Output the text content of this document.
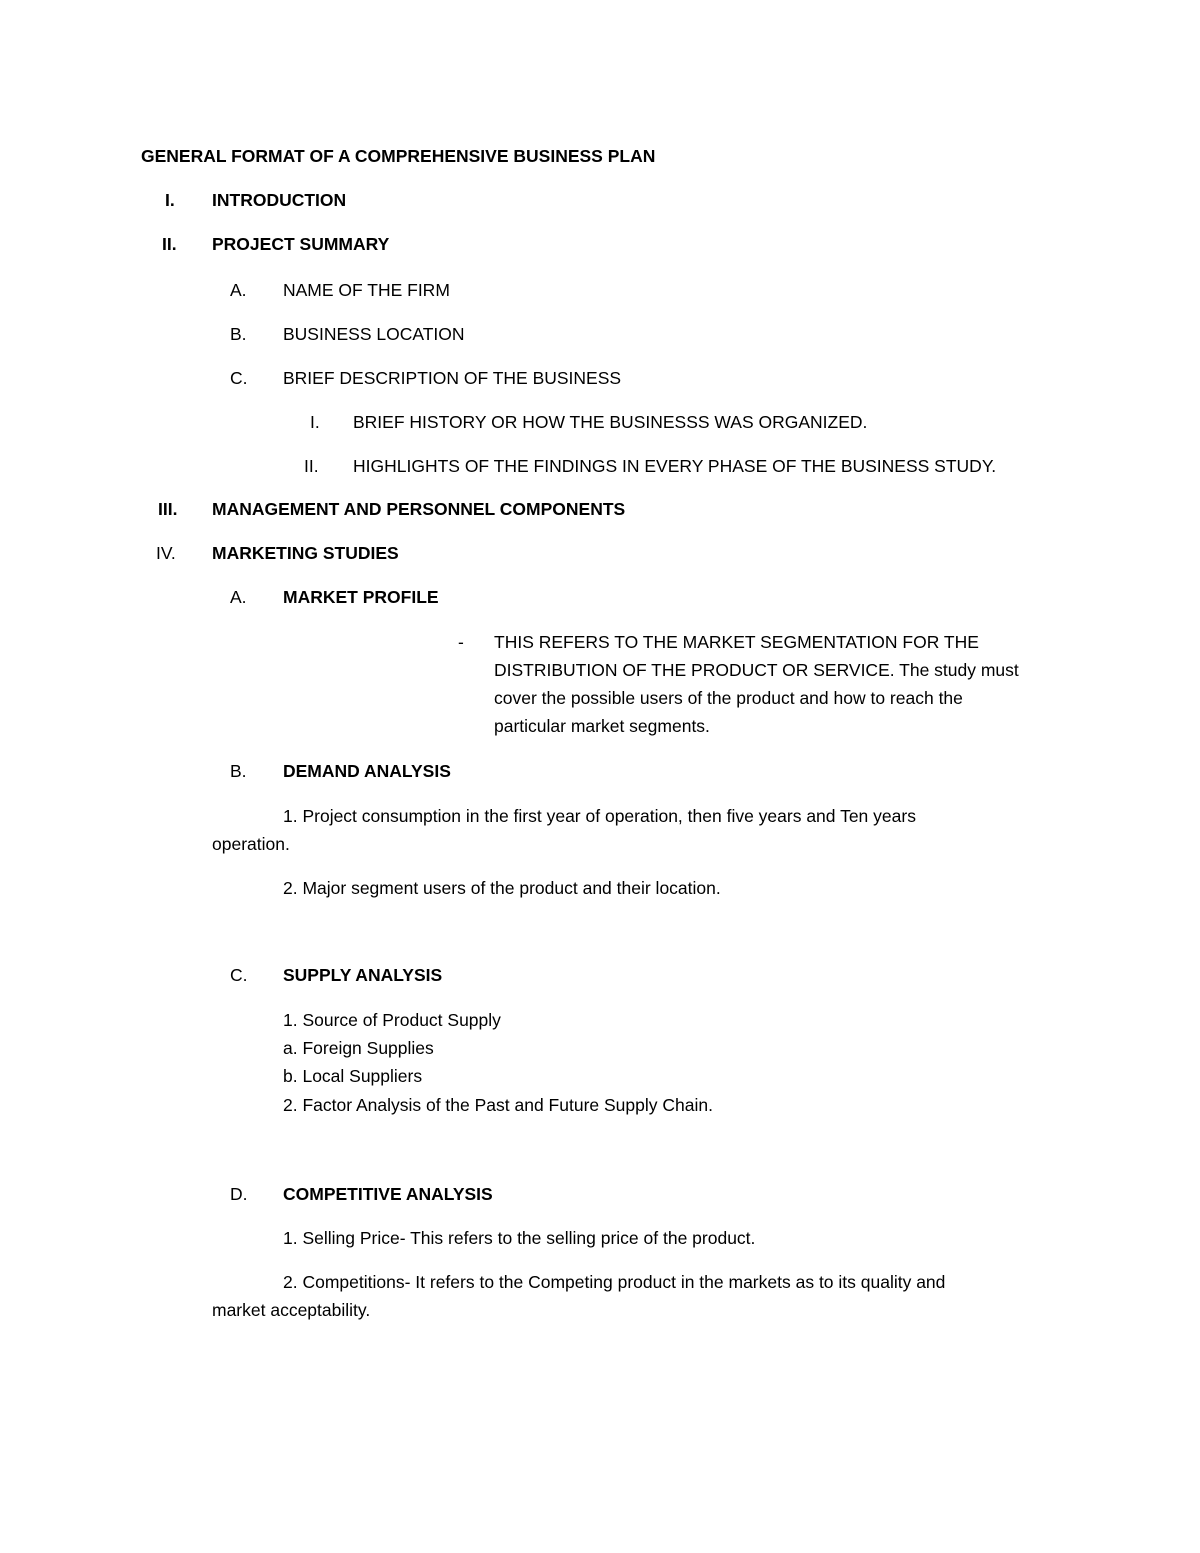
GENERAL FORMAT OF A COMPREHENSIVE BUSINESS PLAN
I. INTRODUCTION
II. PROJECT SUMMARY
A. NAME OF THE FIRM
B. BUSINESS LOCATION
C. BRIEF DESCRIPTION OF THE BUSINESS
I. BRIEF HISTORY OR HOW THE BUSINESSS WAS ORGANIZED.
II. HIGHLIGHTS OF THE FINDINGS IN EVERY PHASE OF THE BUSINESS STUDY.
III. MANAGEMENT AND PERSONNEL COMPONENTS
IV. MARKETING STUDIES
A. MARKET PROFILE
- THIS REFERS TO THE MARKET SEGMENTATION FOR THE
DISTRIBUTION OF THE PRODUCT OR SERVICE. The study must
cover the possible users of the product and how to reach the
particular market segments.
B. DEMAND ANALYSIS
1. Project consumption in the first year of operation, then five years and Ten years
operation.
2. Major segment users of the product and their location.
C. SUPPLY ANALYSIS
1. Source of Product Supply
a. Foreign Supplies
b. Local Suppliers
2. Factor Analysis of the Past and Future Supply Chain.
D. COMPETITIVE ANALYSIS
1. Selling Price- This refers to the selling price of the product.
2. Competitions- It refers to the Competing product in the markets as to its quality and
market acceptability.
